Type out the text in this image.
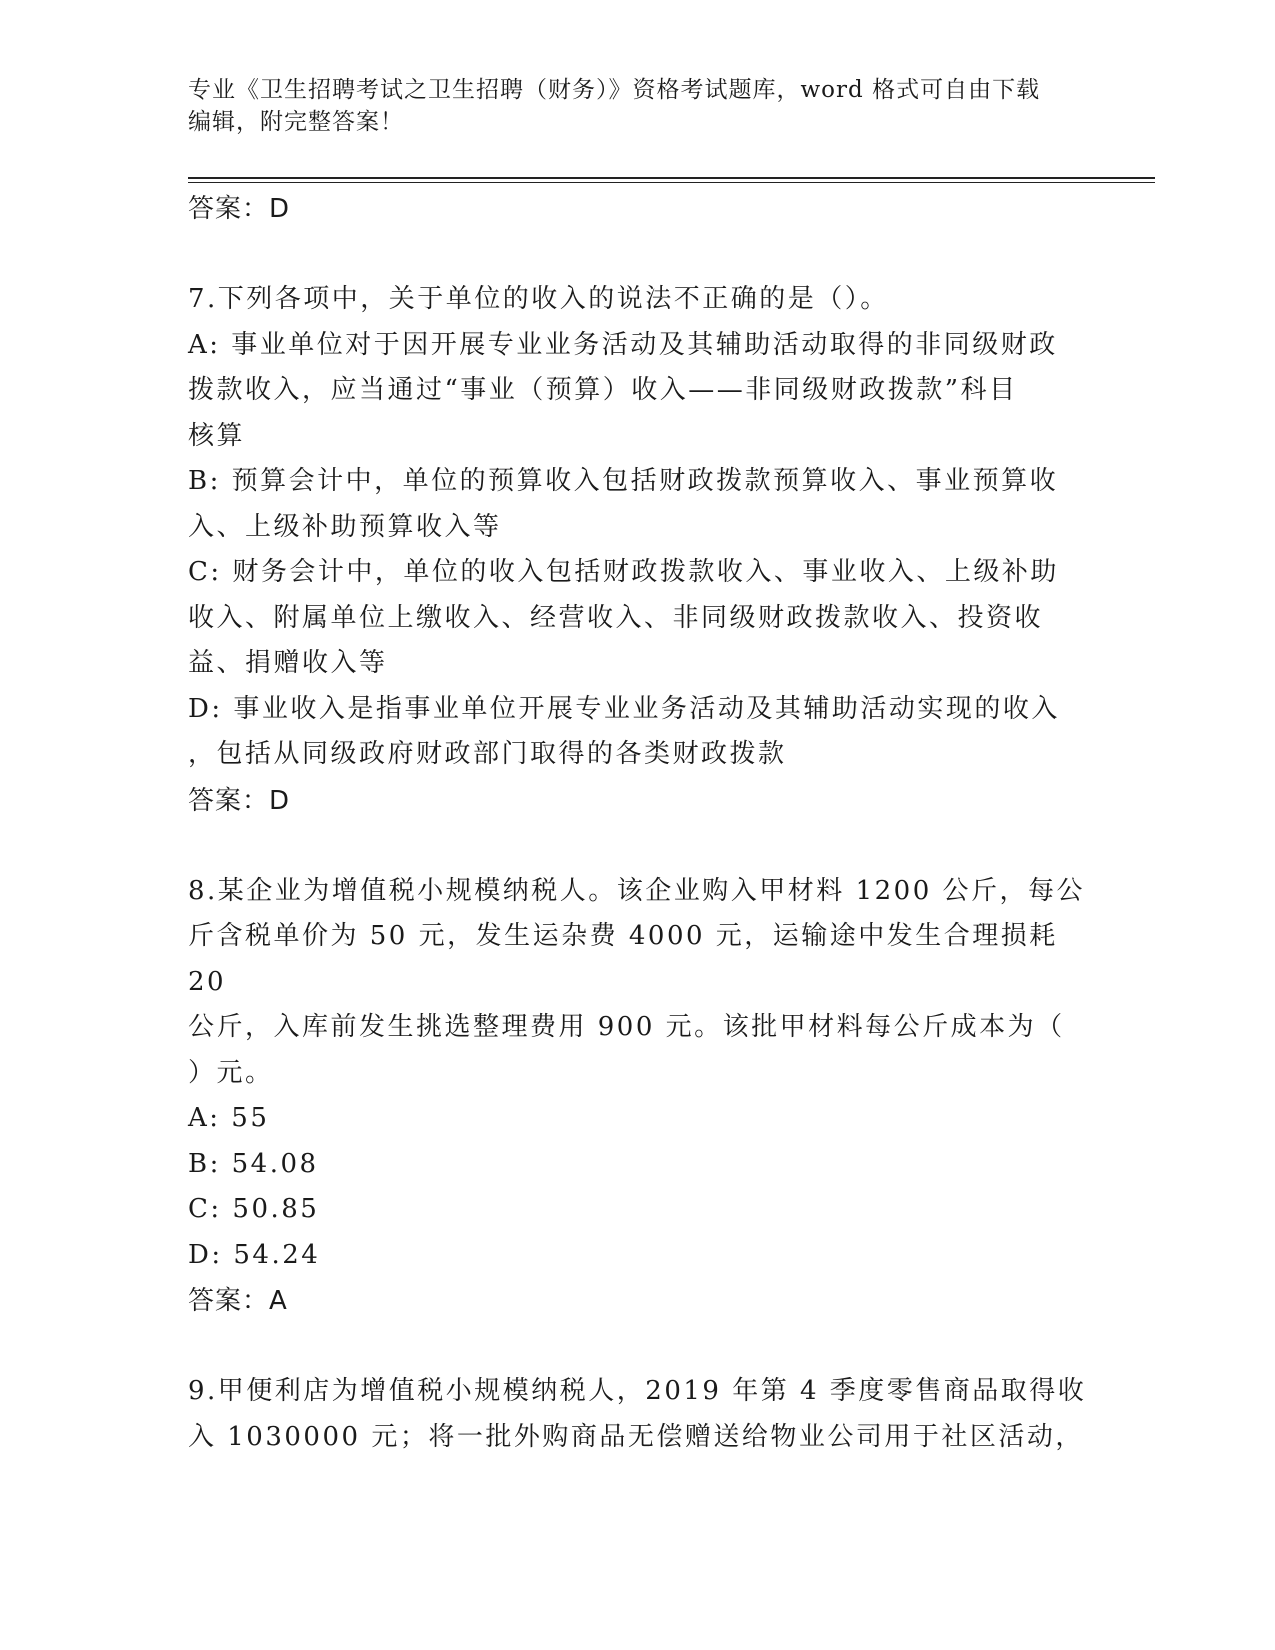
专业《卫生招聘考试之卫生招聘（财务）》资格考试题库，word 格式可自由下载
编辑，附完整答案！
答案：D

7.下列各项中，关于单位的收入的说法不正确的是（）。

A: 事业单位对于因开展专业业务活动及其辅助活动取得的非同级财政

拨款收入，应当通过“事业（预算）收入——非同级财政拨款”科目

核算

B: 预算会计中，单位的预算收入包括财政拨款预算收入、事业预算收

入、上级补助预算收入等

C: 财务会计中，单位的收入包括财政拨款收入、事业收入、上级补助

收入、附属单位上缴收入、经营收入、非同级财政拨款收入、投资收

益、捐赠收入等

D: 事业收入是指事业单位开展专业业务活动及其辅助活动实现的收入

，包括从同级政府财政部门取得的各类财政拨款

答案：D

8.某企业为增值税小规模纳税人。该企业购入甲材料 1200 公斤，每公

斤含税单价为 50 元，发生运杂费 4000 元，运输途中发生合理损耗 20

公斤，入库前发生挑选整理费用 900 元。该批甲材料每公斤成本为（

）元。

A: 55

B: 54.08

C: 50.85

D: 54.24

答案：A

9.甲便利店为增值税小规模纳税人，2019 年第 4 季度零售商品取得收

入 1030000 元；将一批外购商品无偿赠送给物业公司用于社区活动，
